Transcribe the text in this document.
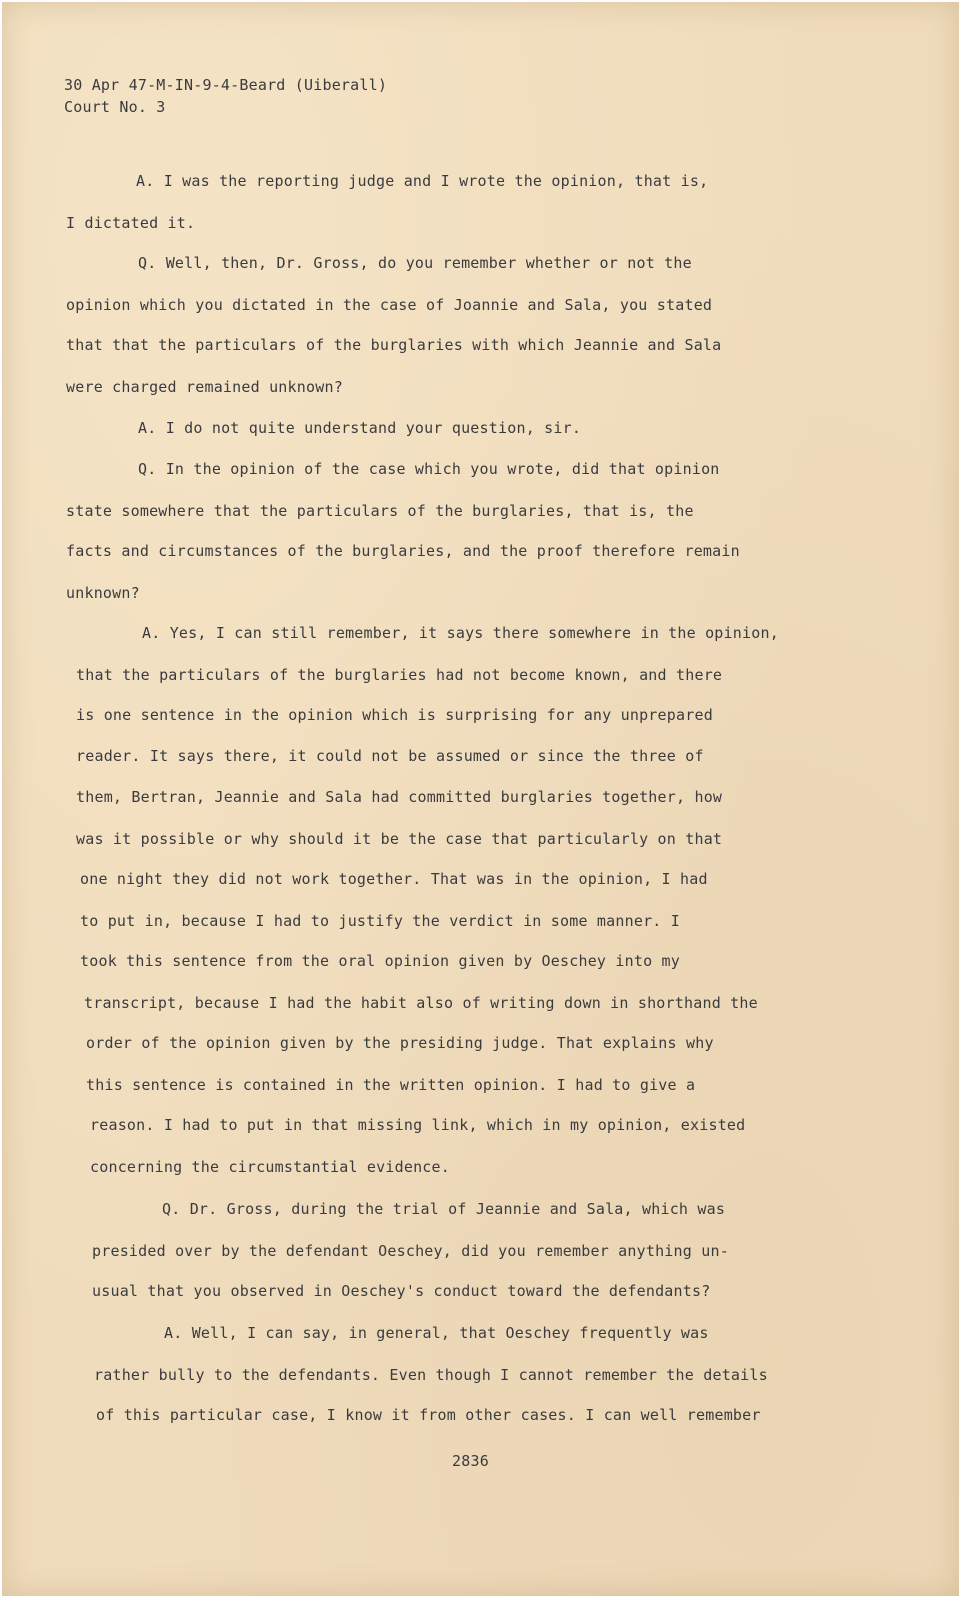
30 Apr 47-M-IN-9-4-Beard (Uiberall)
Court No. 3
A. I was the reporting judge and I wrote the opinion, that is,
I dictated it.
Q. Well, then, Dr. Gross, do you remember whether or not the
opinion which you dictated in the case of Joannie and Sala, you stated
that that the particulars of the burglaries with which Jeannie and Sala
were charged remained unknown?
A. I do not quite understand your question, sir.
Q. In the opinion of the case which you wrote, did that opinion
state somewhere that the particulars of the burglaries, that is, the
facts and circumstances of the burglaries, and the proof therefore remain
unknown?
A. Yes, I can still remember, it says there somewhere in the opinion,
that the particulars of the burglaries had not become known, and there
is one sentence in the opinion which is surprising for any unprepared
reader. It says there, it could not be assumed or since the three of
them, Bertran, Jeannie and Sala had committed burglaries together, how
was it possible or why should it be the case that particularly on that
one night they did not work together. That was in the opinion, I had
to put in, because I had to justify the verdict in some manner. I
took this sentence from the oral opinion given by Oeschey into my
transcript, because I had the habit also of writing down in shorthand the
order of the opinion given by the presiding judge. That explains why
this sentence is contained in the written opinion. I had to give a
reason. I had to put in that missing link, which in my opinion, existed
concerning the circumstantial evidence.
Q. Dr. Gross, during the trial of Jeannie and Sala, which was
presided over by the defendant Oeschey, did you remember anything un-
usual that you observed in Oeschey's conduct toward the defendants?
A. Well, I can say, in general, that Oeschey frequently was
rather bully to the defendants. Even though I cannot remember the details
of this particular case, I know it from other cases. I can well remember
2836
